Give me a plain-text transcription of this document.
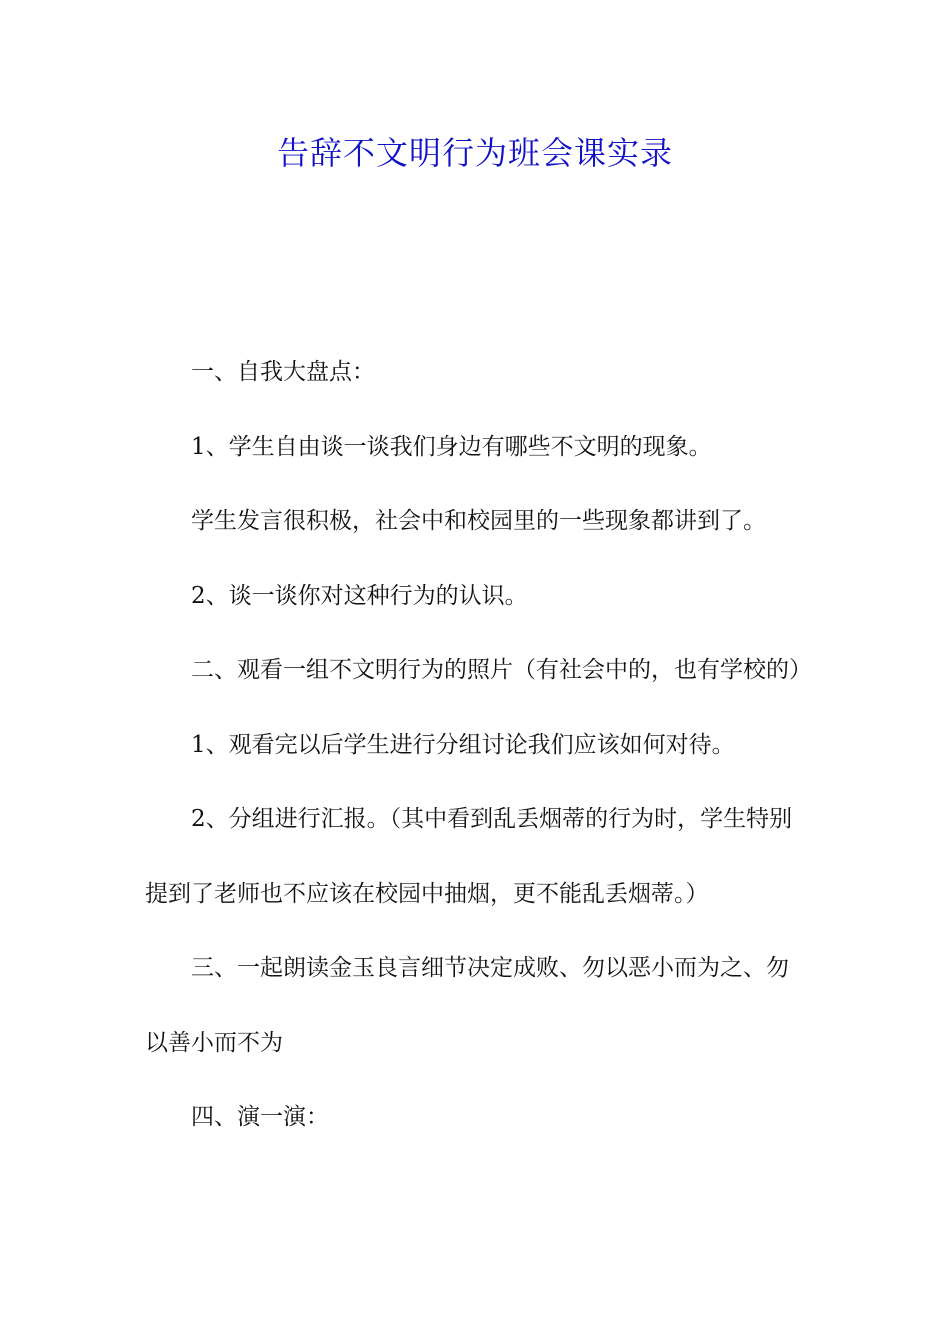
告辞不文明行为班会课实录

一、自我大盘点：

1、学生自由谈一谈我们身边有哪些不文明的现象。

学生发言很积极，社会中和校园里的一些现象都讲到了。

2、谈一谈你对这种行为的认识。

二、观看一组不文明行为的照片（有社会中的，也有学校的）

1、观看完以后学生进行分组讨论我们应该如何对待。

2、分组进行汇报。（其中看到乱丢烟蒂的行为时，学生特别提到了老师也不应该在校园中抽烟，更不能乱丢烟蒂。）

三、一起朗读金玉良言细节决定成败、勿以恶小而为之、勿以善小而不为

四、演一演：
